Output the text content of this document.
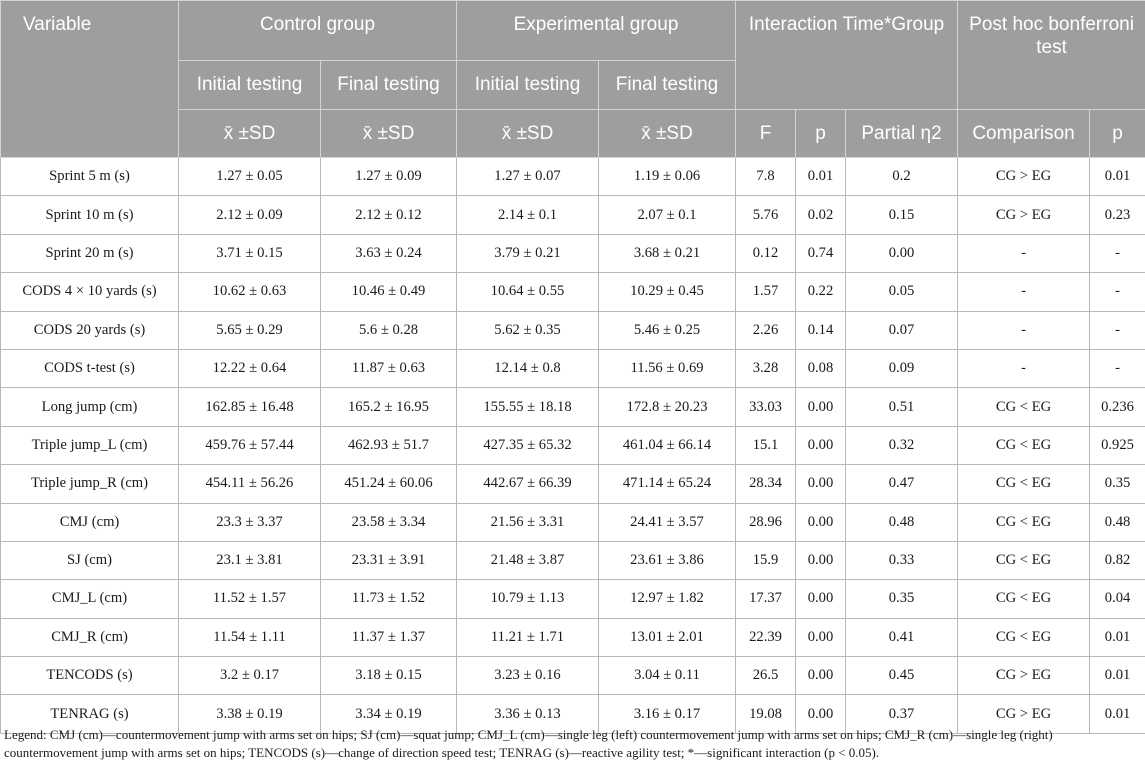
Variable	Control group		Experimental group		Interaction Time*Group			Post hoc bonferroni test	
	Initial testing	Final testing	Initial testing	Final testing					
	x̄ ±SD	x̄ ±SD	x̄ ±SD	x̄ ±SD	F	p	Partial η2	Comparison	p
Sprint 5 m (s)	1.27 ± 0.05	1.27 ± 0.09	1.27 ± 0.07	1.19 ± 0.06	7.8	0.01	0.2	CG > EG	0.01
Sprint 10 m (s)	2.12 ± 0.09	2.12 ± 0.12	2.14 ± 0.1	2.07 ± 0.1	5.76	0.02	0.15	CG > EG	0.23
Sprint 20 m (s)	3.71 ± 0.15	3.63 ± 0.24	3.79 ± 0.21	3.68 ± 0.21	0.12	0.74	0.00	-	-
CODS 4 × 10 yards (s)	10.62 ± 0.63	10.46 ± 0.49	10.64 ± 0.55	10.29 ± 0.45	1.57	0.22	0.05	-	-
CODS 20 yards (s)	5.65 ± 0.29	5.6 ± 0.28	5.62 ± 0.35	5.46 ± 0.25	2.26	0.14	0.07	-	-
CODS t-test (s)	12.22 ± 0.64	11.87 ± 0.63	12.14 ± 0.8	11.56 ± 0.69	3.28	0.08	0.09	-	-
Long jump (cm)	162.85 ± 16.48	165.2 ± 16.95	155.55 ± 18.18	172.8 ± 20.23	33.03	0.00	0.51	CG < EG	0.236
Triple jump_L (cm)	459.76 ± 57.44	462.93 ± 51.7	427.35 ± 65.32	461.04 ± 66.14	15.1	0.00	0.32	CG < EG	0.925
Triple jump_R (cm)	454.11 ± 56.26	451.24 ± 60.06	442.67 ± 66.39	471.14 ± 65.24	28.34	0.00	0.47	CG < EG	0.35
CMJ (cm)	23.3 ± 3.37	23.58 ± 3.34	21.56 ± 3.31	24.41 ± 3.57	28.96	0.00	0.48	CG < EG	0.48
SJ (cm)	23.1 ± 3.81	23.31 ± 3.91	21.48 ± 3.87	23.61 ± 3.86	15.9	0.00	0.33	CG < EG	0.82
CMJ_L (cm)	11.52 ± 1.57	11.73 ± 1.52	10.79 ± 1.13	12.97 ± 1.82	17.37	0.00	0.35	CG < EG	0.04
CMJ_R (cm)	11.54 ± 1.11	11.37 ± 1.37	11.21 ± 1.71	13.01 ± 2.01	22.39	0.00	0.41	CG < EG	0.01
TENCODS (s)	3.2 ± 0.17	3.18 ± 0.15	3.23 ± 0.16	3.04 ± 0.11	26.5	0.00	0.45	CG > EG	0.01
TENRAG (s)	3.38 ± 0.19	3.34 ± 0.19	3.36 ± 0.13	3.16 ± 0.17	19.08	0.00	0.37	CG > EG	0.01
Legend: CMJ (cm)—countermovement jump with arms set on hips; SJ (cm)—squat jump; CMJ_L (cm)—single leg (left) countermovement jump with arms set on hips; CMJ_R (cm)—single leg (right) countermovement jump with arms set on hips; TENCODS (s)—change of direction speed test; TENRAG (s)—reactive agility test; *—significant interaction (p < 0.05).
